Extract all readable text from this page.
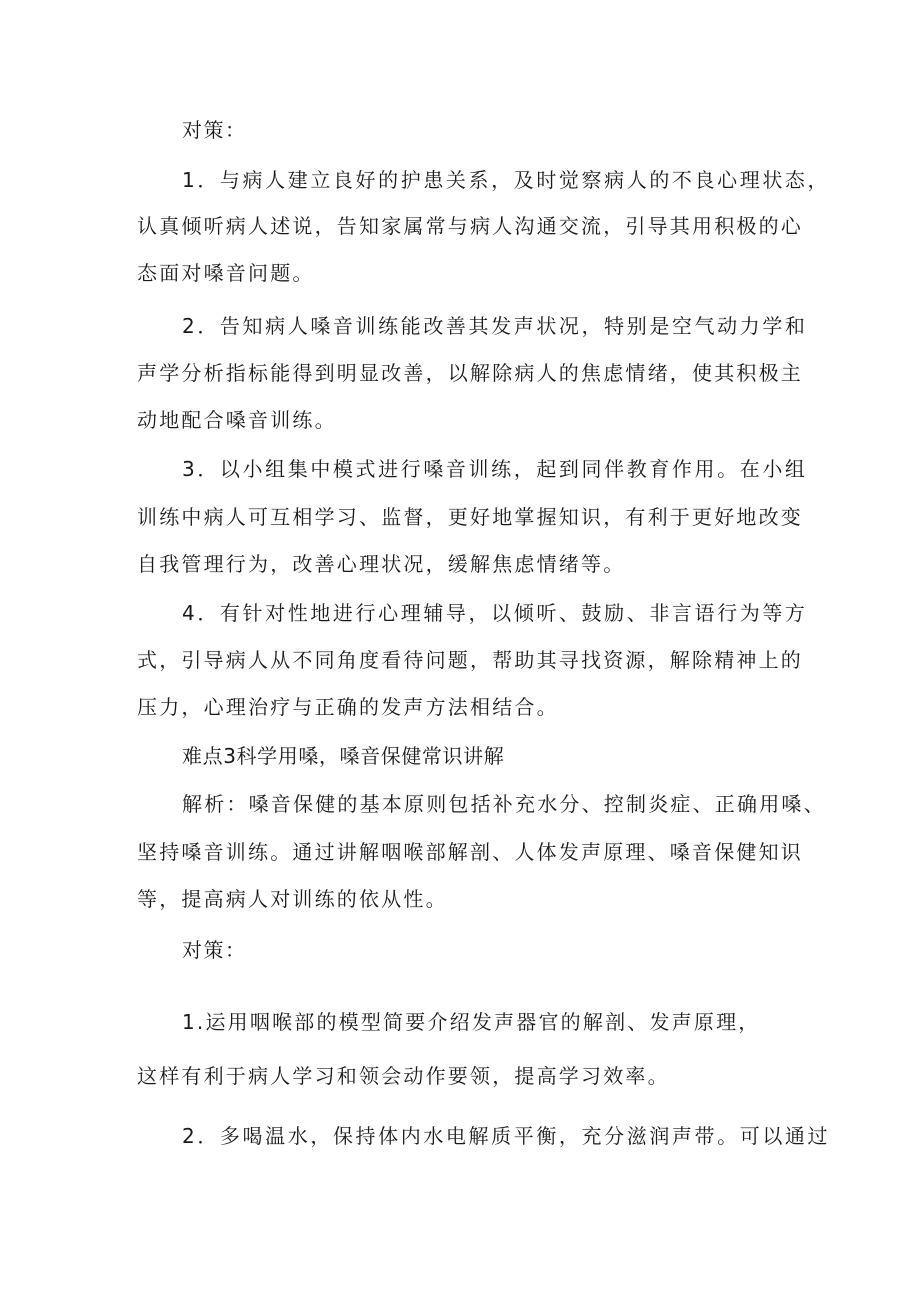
对策：

1．与病人建立良好的护患关系，及时觉察病人的不良心理状态，

认真倾听病人述说，告知家属常与病人沟通交流，引导其用积极的心

态面对嗓音问题。

2．告知病人嗓音训练能改善其发声状况，特别是空气动力学和

声学分析指标能得到明显改善，以解除病人的焦虑情绪，使其积极主

动地配合嗓音训练。

3．以小组集中模式进行嗓音训练，起到同伴教育作用。在小组

训练中病人可互相学习、监督，更好地掌握知识，有利于更好地改变

自我管理行为，改善心理状况，缓解焦虑情绪等。

4．有针对性地进行心理辅导，以倾听、鼓励、非言语行为等方

式，引导病人从不同角度看待问题，帮助其寻找资源，解除精神上的

压力，心理治疗与正确的发声方法相结合。

难点3科学用嗓，嗓音保健常识讲解

解析：嗓音保健的基本原则包括补充水分、控制炎症、正确用嗓、

坚持嗓音训练。通过讲解咽喉部解剖、人体发声原理、嗓音保健知识

等，提高病人对训练的依从性。

对策：

1.运用咽喉部的模型简要介绍发声器官的解剖、发声原理，

这样有利于病人学习和领会动作要领，提高学习效率。

2．多喝温水，保持体内水电解质平衡，充分滋润声带。可以通过
